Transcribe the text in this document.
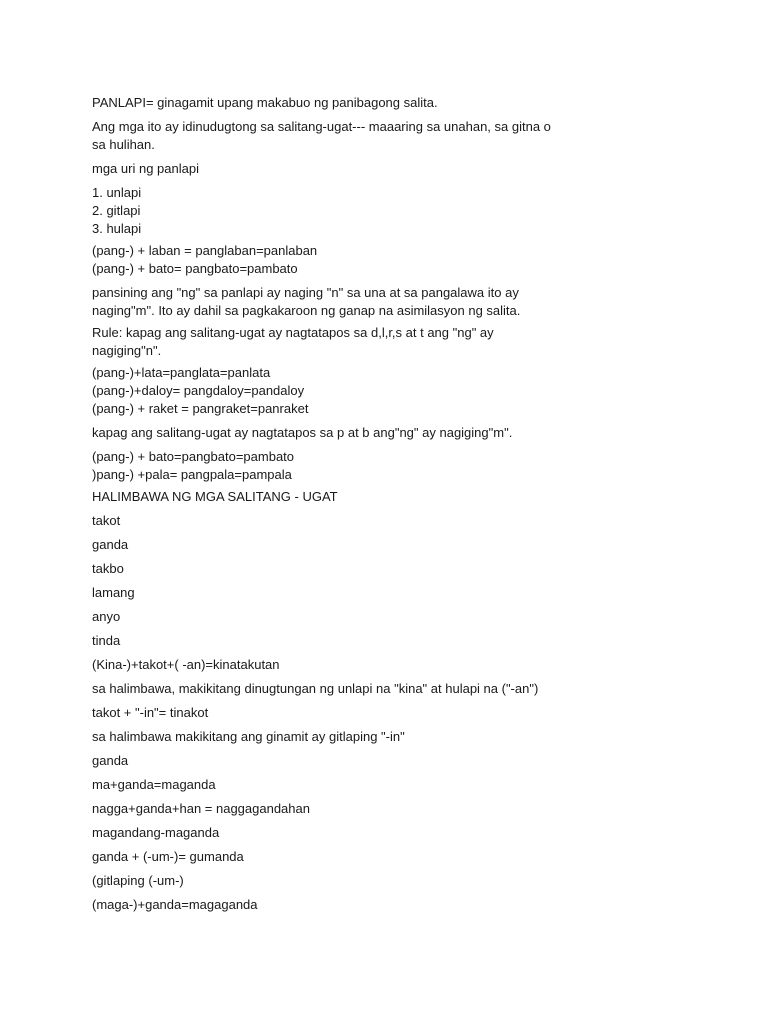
PANLAPI= ginagamit upang makabuo ng panibagong salita.

Ang mga ito ay idinudugtong sa salitang-ugat--- maaaring sa unahan, sa gitna o

sa hulihan.

mga uri ng panlapi

1. unlapi

2. gitlapi

3. hulapi

(pang-) + laban = panglaban=panlaban

(pang-) + bato= pangbato=pambato

pansining ang "ng" sa panlapi ay naging "n" sa una at sa pangalawa ito ay

naging"m". Ito ay dahil sa pagkakaroon ng ganap na asimilasyon ng salita.

Rule: kapag ang salitang-ugat ay nagtatapos sa d,l,r,s at t ang "ng" ay

nagiging"n".

(pang-)+lata=panglata=panlata

(pang-)+daloy= pangdaloy=pandaloy

(pang-) + raket = pangraket=panraket

kapag ang salitang-ugat ay nagtatapos sa p at b ang"ng" ay nagiging"m".

(pang-) + bato=pangbato=pambato

)pang-) +pala= pangpala=pampala

HALIMBAWA NG MGA SALITANG - UGAT

takot

ganda

takbo

lamang

anyo

tinda

(Kina-)+takot+( -an)=kinatakutan

sa halimbawa, makikitang dinugtungan ng unlapi na "kina" at hulapi na ("-an")

takot + "-in"= tinakot

sa halimbawa makikitang ang ginamit ay gitlaping "-in"

ganda

ma+ganda=maganda

nagga+ganda+han = naggagandahan

magandang-maganda

ganda + (-um-)= gumanda

(gitlaping (-um-)

(maga-)+ganda=magaganda
